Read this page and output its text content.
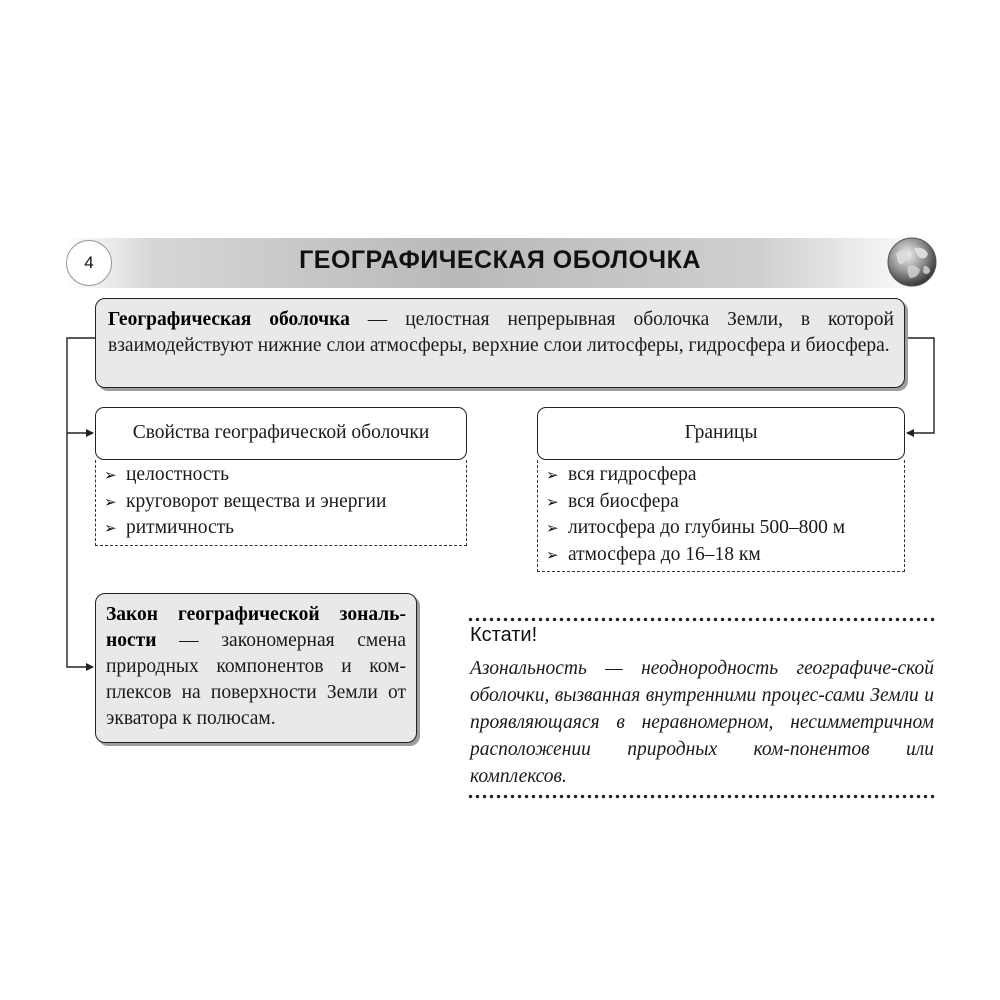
4	ГЕОГРАФИЧЕСКАЯ ОБОЛОЧКА
Географическая оболочка — целостная непрерывная оболочка Земли, в которой взаимодействуют нижние слои атмосферы, верхние слои литосферы, гидросфера и биосфера.
Свойства географической оболочки
➢ целостность
➢ круговорот вещества и энергии
➢ ритмичность
Границы
➢ вся гидросфера
➢ вся биосфера
➢ литосфера до глубины 500–800 м
➢ атмосфера до 16–18 км
Закон географической зональ-ности — закономерная смена природных компонентов и ком-плексов на поверхности Земли от экватора к полюсам.
Кстати!
Азональность — неоднородность географиче-ской оболочки, вызванная внутренними процес-сами Земли и проявляющаяся в неравномерном, несимметричном расположении природных ком-понентов или комплексов.
